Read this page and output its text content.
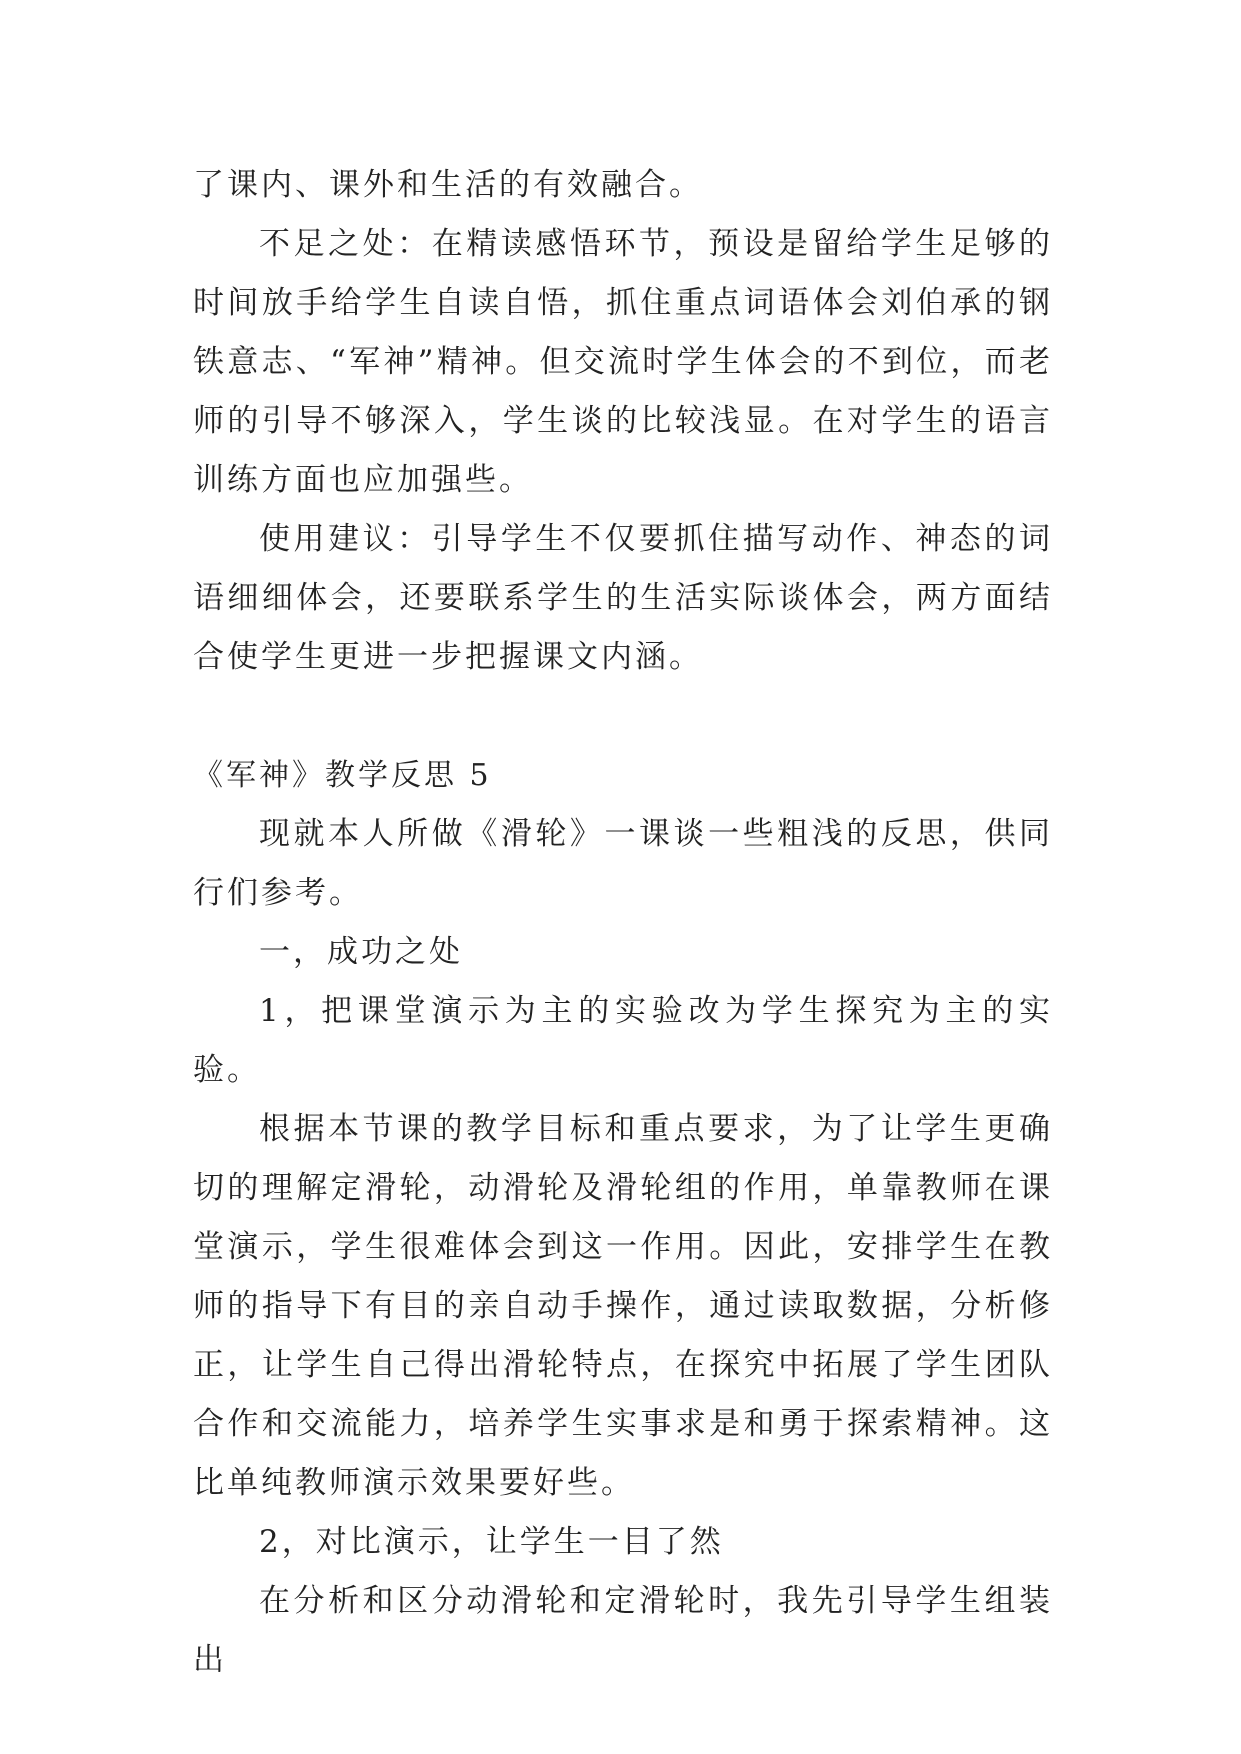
了课内、课外和生活的有效融合。

不足之处：在精读感悟环节，预设是留给学生足够的时间放手给学生自读自悟，抓住重点词语体会刘伯承的钢铁意志、“军神”精神。但交流时学生体会的不到位，而老师的引导不够深入，学生谈的比较浅显。在对学生的语言训练方面也应加强些。

使用建议：引导学生不仅要抓住描写动作、神态的词语细细体会，还要联系学生的生活实际谈体会，两方面结合使学生更进一步把握课文内涵。

《军神》教学反思 5

现就本人所做《滑轮》一课谈一些粗浅的反思，供同行们参考。

一，成功之处

1，把课堂演示为主的实验改为学生探究为主的实验。

根据本节课的教学目标和重点要求，为了让学生更确切的理解定滑轮，动滑轮及滑轮组的作用，单靠教师在课堂演示，学生很难体会到这一作用。因此，安排学生在教师的指导下有目的亲自动手操作，通过读取数据，分析修正，让学生自己得出滑轮特点，在探究中拓展了学生团队合作和交流能力，培养学生实事求是和勇于探索精神。这比单纯教师演示效果要好些。

2，对比演示，让学生一目了然

在分析和区分动滑轮和定滑轮时，我先引导学生组装出
